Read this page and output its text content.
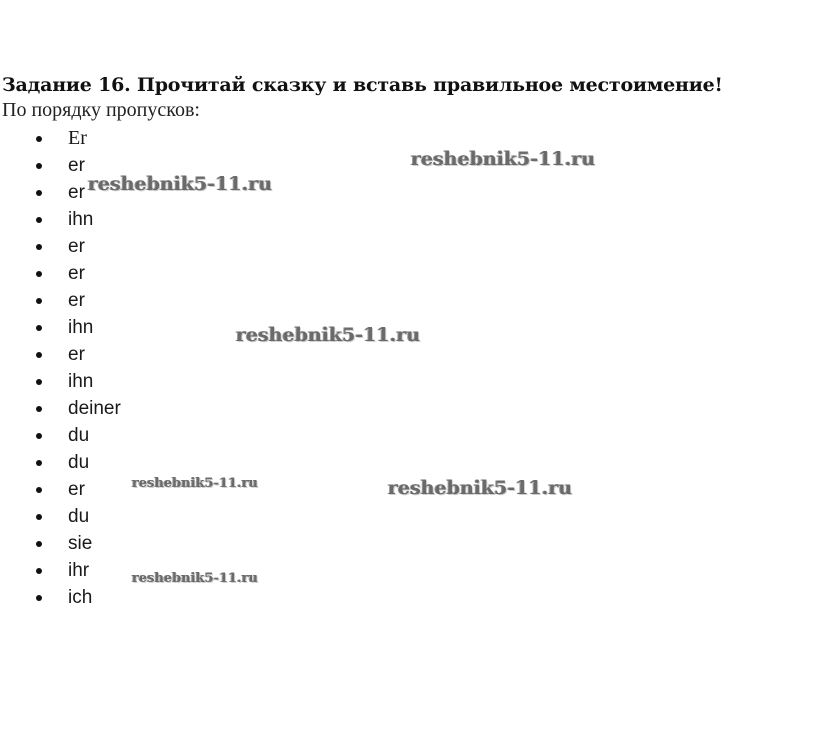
Задание 16. Прочитай сказку и вставь правильное местоимение!

По порядку пропусков:

Er
er
er
ihn
er
er
er
ihn
er
ihn
deiner
du
du
er
du
sie
ihr
ich
reshebnik5-11.ru
reshebnik5-11.ru
reshebnik5-11.ru
reshebnik5-11.ru
reshebnik5-11.ru
reshebnik5-11.ru
